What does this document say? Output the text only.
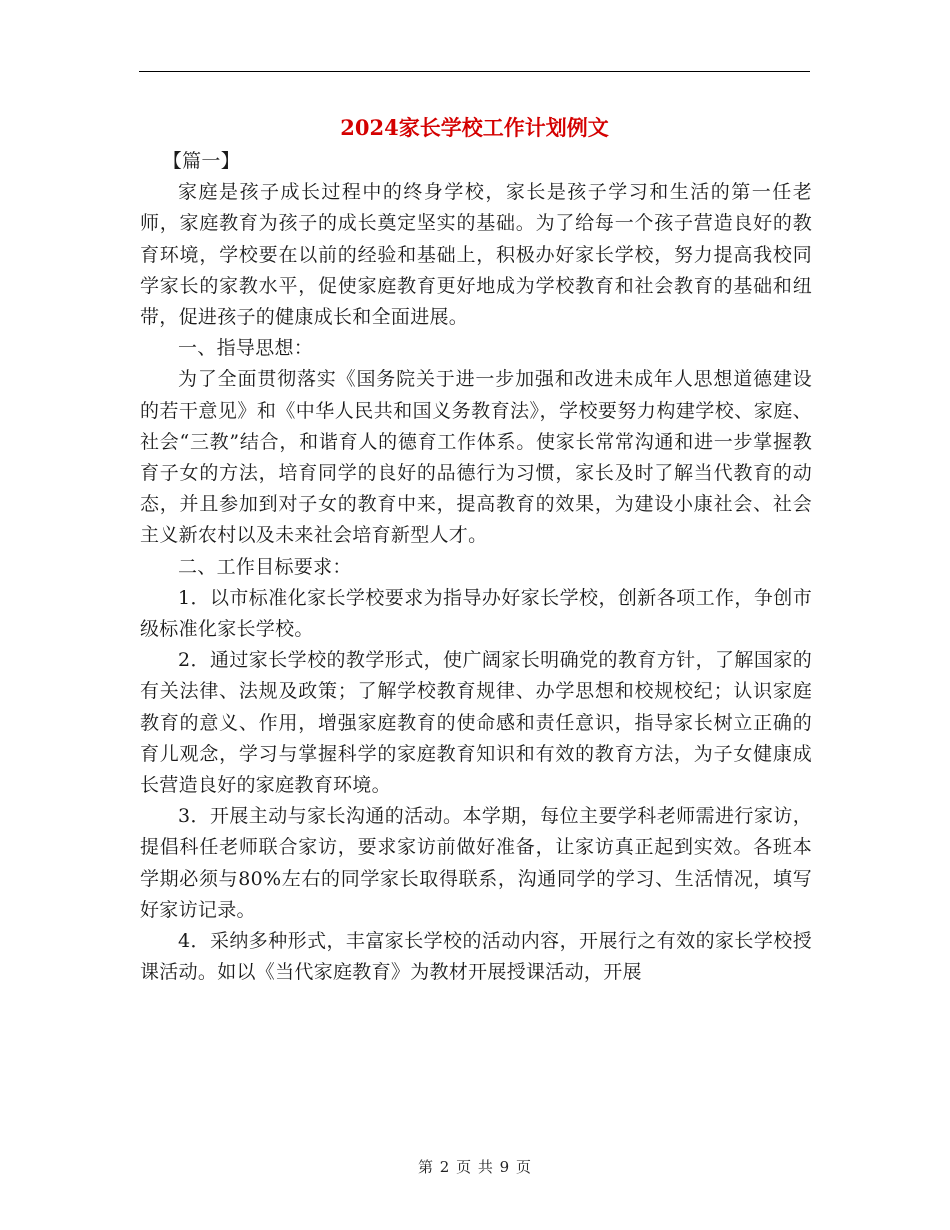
2024家长学校工作计划例文

【篇一】

家庭是孩子成长过程中的终身学校，家长是孩子学习和生活的第一任老师，家庭教育为孩子的成长奠定坚实的基础。为了给每一个孩子营造良好的教育环境，学校要在以前的经验和基础上，积极办好家长学校，努力提高我校同学家长的家教水平，促使家庭教育更好地成为学校教育和社会教育的基础和纽带，促进孩子的健康成长和全面进展。

一、指导思想：

为了全面贯彻落实《国务院关于进一步加强和改进未成年人思想道德建设的若干意见》和《中华人民共和国义务教育法》，学校要努力构建学校、家庭、社会“三教”结合，和谐育人的德育工作体系。使家长常常沟通和进一步掌握教育子女的方法，培育同学的良好的品德行为习惯，家长及时了解当代教育的动态，并且参加到对子女的教育中来，提高教育的效果，为建设小康社会、社会主义新农村以及未来社会培育新型人才。

二、工作目标要求：

1．以市标准化家长学校要求为指导办好家长学校，创新各项工作，争创市级标准化家长学校。

2．通过家长学校的教学形式，使广阔家长明确党的教育方针，了解国家的有关法律、法规及政策；了解学校教育规律、办学思想和校规校纪；认识家庭教育的意义、作用，增强家庭教育的使命感和责任意识，指导家长树立正确的育儿观念，学习与掌握科学的家庭教育知识和有效的教育方法，为子女健康成长营造良好的家庭教育环境。

3．开展主动与家长沟通的活动。本学期，每位主要学科老师需进行家访，提倡科任老师联合家访，要求家访前做好准备，让家访真正起到实效。各班本学期必须与80%左右的同学家长取得联系，沟通同学的学习、生活情况，填写好家访记录。

4．采纳多种形式，丰富家长学校的活动内容，开展行之有效的家长学校授课活动。如以《当代家庭教育》为教材开展授课活动，开展

第 2 页 共 9 页
